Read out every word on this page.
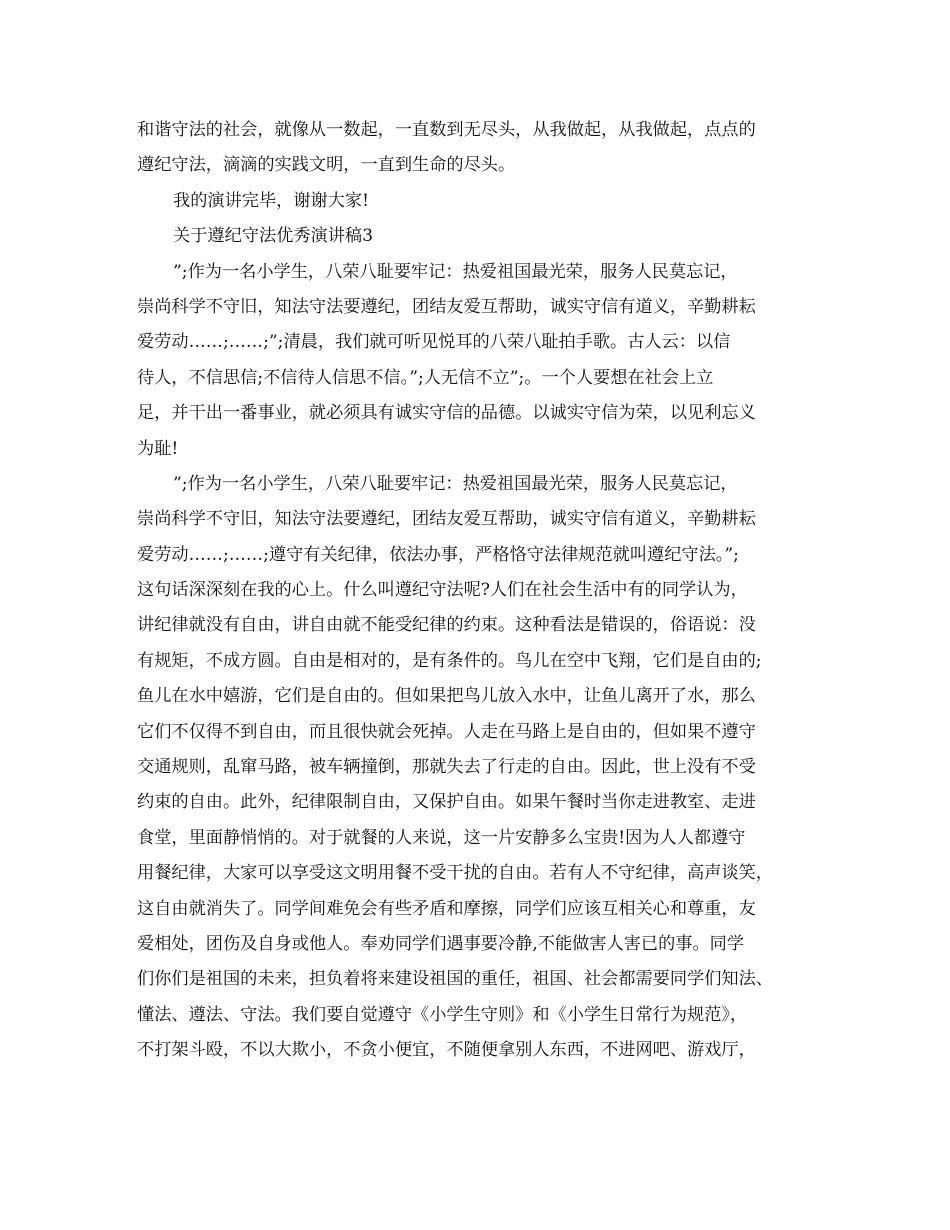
和谐守法的社会，就像从一数起，一直数到无尽头，从我做起，从我做起，点点的
遵纪守法，滴滴的实践文明，一直到生命的尽头。
我的演讲完毕，谢谢大家!
关于遵纪守法优秀演讲稿3
”;作为一名小学生，八荣八耻要牢记：热爱祖国最光荣，服务人民莫忘记，
崇尚科学不守旧，知法守法要遵纪，团结友爱互帮助，诚实守信有道义，辛勤耕耘
爱劳动……;……;”;清晨，我们就可听见悦耳的八荣八耻拍手歌。古人云：以信
待人，不信思信;不信待人信思不信。”;人无信不立”;。一个人要想在社会上立
足，并干出一番事业，就必须具有诚实守信的品德。以诚实守信为荣，以见利忘义
为耻!
”;作为一名小学生，八荣八耻要牢记：热爱祖国最光荣，服务人民莫忘记，
崇尚科学不守旧，知法守法要遵纪，团结友爱互帮助，诚实守信有道义，辛勤耕耘
爱劳动……;……;遵守有关纪律，依法办事，严格恪守法律规范就叫遵纪守法。”;
这句话深深刻在我的心上。什么叫遵纪守法呢?人们在社会生活中有的同学认为，
讲纪律就没有自由，讲自由就不能受纪律的约束。这种看法是错误的，俗语说：没
有规矩，不成方圆。自由是相对的，是有条件的。鸟儿在空中飞翔，它们是自由的;
鱼儿在水中嬉游，它们是自由的。但如果把鸟儿放入水中，让鱼儿离开了水，那么
它们不仅得不到自由，而且很快就会死掉。人走在马路上是自由的，但如果不遵守
交通规则，乱窜马路，被车辆撞倒，那就失去了行走的自由。因此，世上没有不受
约束的自由。此外，纪律限制自由，又保护自由。如果午餐时当你走进教室、走进
食堂，里面静悄悄的。对于就餐的人来说，这一片安静多么宝贵!因为人人都遵守
用餐纪律，大家可以享受这文明用餐不受干扰的自由。若有人不守纪律，高声谈笑，
这自由就消失了。同学间难免会有些矛盾和摩擦，同学们应该互相关心和尊重，友
爱相处，团伤及自身或他人。奉劝同学们遇事要冷静,不能做害人害已的事。同学
们你们是祖国的未来，担负着将来建设祖国的重任，祖国、社会都需要同学们知法、
懂法、遵法、守法。我们要自觉遵守《小学生守则》和《小学生日常行为规范》，
不打架斗殴，不以大欺小，不贪小便宜，不随便拿别人东西，不进网吧、游戏厅，
